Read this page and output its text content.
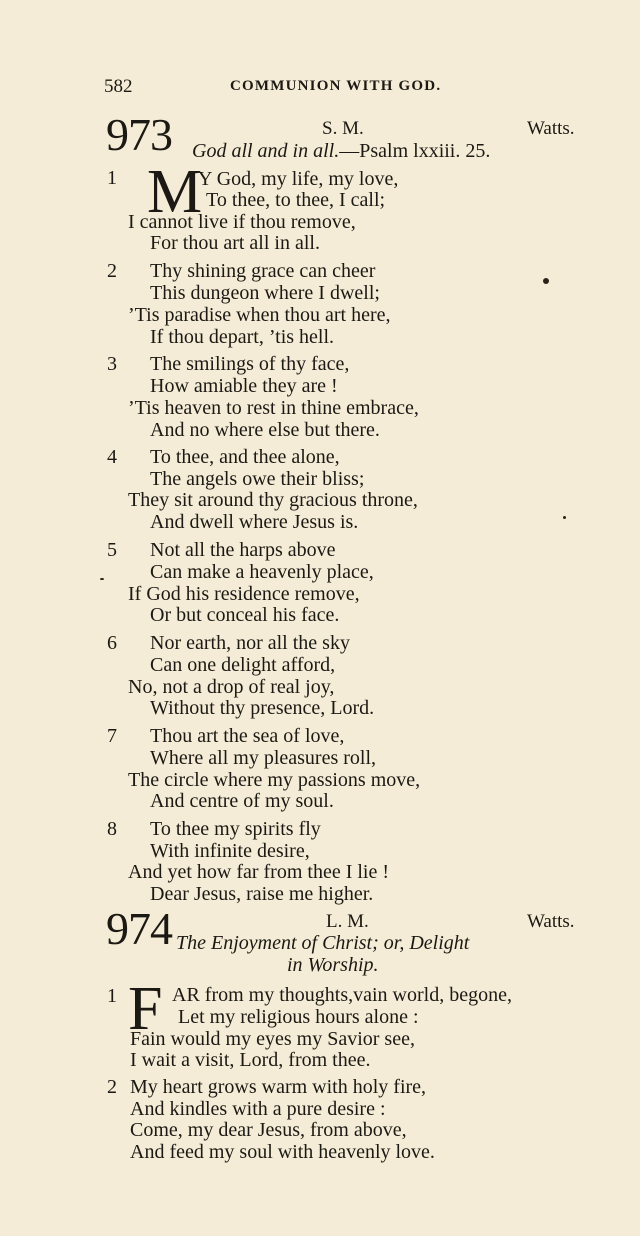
582	COMMUNION WITH GOD.
973	S. M.	Watts.
God all and in all.—Psalm lxxiii. 25.
1 M
Y God, my life, my love,
To thee, to thee, I call;
I cannot live if thou remove,
For thou art all in all.
2 Thy shining grace can cheer
This dungeon where I dwell;
’Tis paradise when thou art here,
If thou depart, ’tis hell.
3 The smilings of thy face,
How amiable they are !
’Tis heaven to rest in thine embrace,
And no where else but there.
4 To thee, and thee alone,
The angels owe their bliss;
They sit around thy gracious throne,
And dwell where Jesus is.
5 Not all the harps above
Can make a heavenly place,
If God his residence remove,
Or but conceal his face.
6 Nor earth, nor all the sky
Can one delight afford,
No, not a drop of real joy,
Without thy presence, Lord.
7 Thou art the sea of love,
Where all my pleasures roll,
The circle where my passions move,
And centre of my soul.
8 To thee my spirits fly
With infinite desire,
And yet how far from thee I lie !
Dear Jesus, raise me higher.
974	L. M.	Watts.
The Enjoyment of Christ; or, Delight
in Worship.
1 F AR from my thoughts,vain world, begone,
Let my religious hours alone :
Fain would my eyes my Savior see,
I wait a visit, Lord, from thee.
2 My heart grows warm with holy fire,
And kindles with a pure desire :
Come, my dear Jesus, from above,
And feed my soul with heavenly love.
